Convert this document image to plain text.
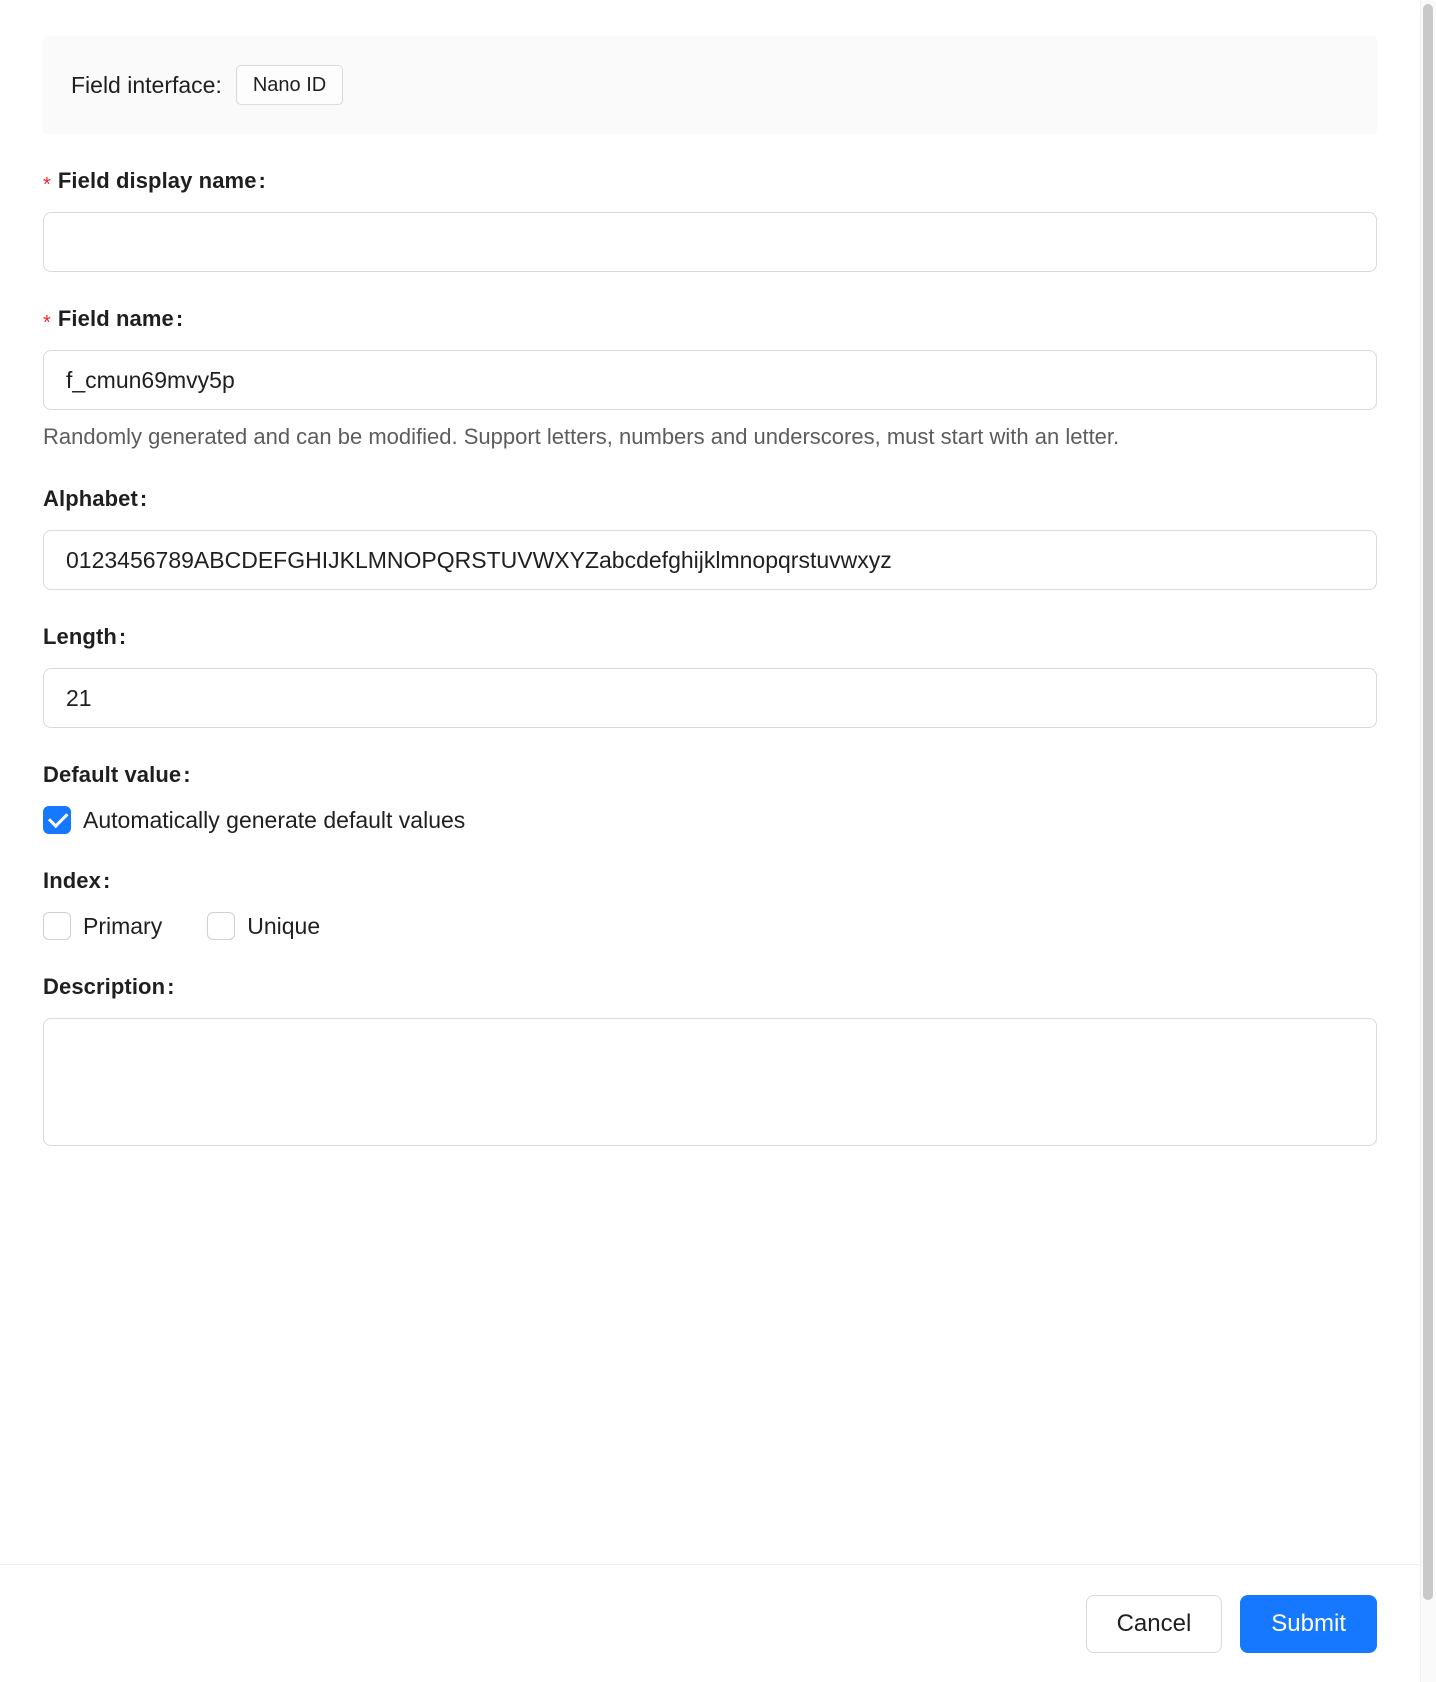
Field interface:	Nano ID
* Field display name :
* Field name :
f_cmun69mvy5p
Randomly generated and can be modified. Support letters, numbers and underscores, must start with an letter.
Alphabet :
0123456789ABCDEFGHIJKLMNOPQRSTUVWXYZabcdefghijklmnopqrstuvwxyz
Length :
21
Default value :
Automatically generate default values
Index :
Primary	Unique
Description :
Cancel	Submit
